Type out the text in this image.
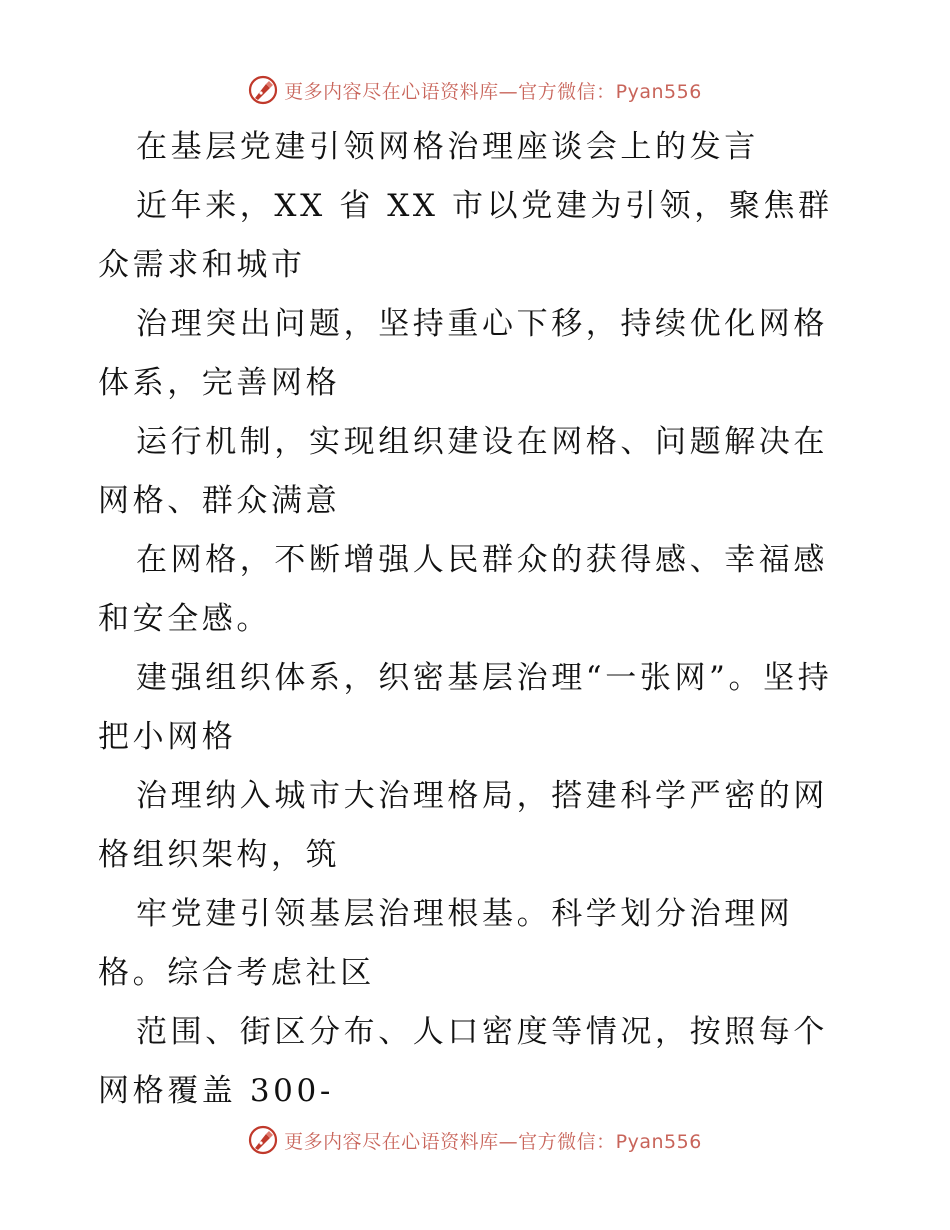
更多内容尽在心语资料库—官方微信：Pyan556

在基层党建引领网格治理座谈会上的发言

近年来，XX 省 XX 市以党建为引领，聚焦群众需求和城市

治理突出问题，坚持重心下移，持续优化网格体系，完善网格

运行机制，实现组织建设在网格、问题解决在网格、群众满意

在网格，不断增强人民群众的获得感、幸福感和安全感。

建强组织体系，织密基层治理“一张网”。坚持把小网格

治理纳入城市大治理格局，搭建科学严密的网格组织架构，筑

牢党建引领基层治理根基。科学划分治理网格。综合考虑社区

范围、街区分布、人口密度等情况，按照每个网格覆盖 300-

更多内容尽在心语资料库—官方微信：Pyan556
